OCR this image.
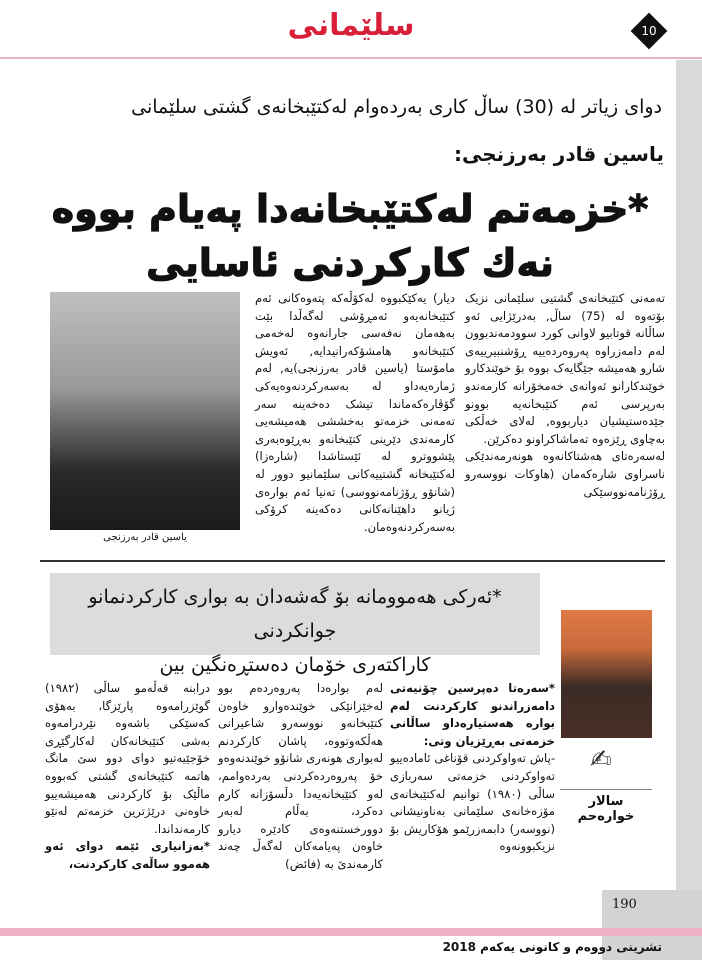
سلێمانی	10
دوای زیاتر له (30) ساڵ کاری بەردەوام لەکتێبخانەی گشتی سلێمانی
یاسین قادر بەرزنجی:
*خزمەتم لەکتێبخانەدا پەیام بووە
نەك كاركردنی ئاسایی
یاسین قادر بەرزنجی
تەمەنی کتێبخانەی گشتیی سلێمانی نزیک بۆتەوە لە (75) ساڵ, بەدرێژایی ئەو ساڵانە قوتابیو لاوانی کورد سوودمەندبوون لەم دامەزراوە پەروەردەییە ڕۆشنبیرییەی شارو هەمیشە جێگایەک بووە بۆ خوێندکارو خوێندکارانو ئەوانەی خەمخۆرانە کارمەندو بەرپرسی ئەم کتێبخانەیە بوونو جێدەستیشیان دیاربووە, لەلای خەڵکی بەچاوی ڕێزەوە تەماشاکراونو دەکرێن.
لەسەرەتای هەشتاکانەوە هونەرمەندێکی ناسراوی شارەکەمان (هاوکات نووسەرو ڕۆژنامەنووسێکی
دیار) یەکێکبووە لەکۆڵەکە پتەوەکانی ئەم کتێبخانەیەو ئەمڕۆشی لەگەڵدا بێت بەهەمان نەفەسی جارانەوە لەخەمی کتێبخانەو هامشۆکەرانیدایە, ئەویش مامۆستا (یاسین قادر بەرزنجی)یە, لەم ژمارەیەداو لە بەسەرکردنەوەیەکی گۆڤارەکەماندا تیشک دەخەینە سەر تەمەنی خزمەتو بەخششی هەمیشەیی کارمەندی دێرینی کتێبخانەو بەڕێوەبەری پێشووترو لە ئێستاشدا (شارەزا) لەکتێبخانە گشتییەکانی سلێمانیو دوور لە (شانۆو ڕۆژنامەنووسی) تەنیا ئەم بوارەی ژیانو داهێنانەکانی دەکەینە کرۆکی بەسەرکردنەوەمان.
*ئەرکی هەموومانە بۆ گەشەدان بە بواری کارکردنمانو جوانکردنی
کاراکتەری خۆمان دەستڕەنگین بین
✍
سالار خوارەحم
*سەرەتا دەپرسین چۆنیەتی دامەزراندنو کارکردنت لەم بوارە هەستیارەداو ساڵانی خزمەتی بەڕێزیان وتی:
-پاش تەواوکردنی قۆناغی ئامادەییو تەواوکردنی خزمەتی سەربازی ساڵی (١٩٨٠) توانیم لەکتێبخانەی مۆزەخانەی سلێمانی بەناونیشانی (نووسەر) دابمەزرێمو هۆکاریش بۆ نزیکبوونەوە
لەم بوارەدا پەروەردەم بوو لەخێزانێکی خوێندەوارو خاوەن کتێبخانەو نووسەرو شاعیرانی هەڵکەوتووە، پاشان کارکردنم لەبواری هونەری شانۆو خوێندنەوەو خۆ پەروەردەکردنی بەردەوامم، لەو کتێبخانەیەدا دڵسۆزانە کارم دەکرد، بەڵام لەبەر دوورخستنەوەی کادێرە دیارو خاوەن پەیامەکان لەگەڵ چەند کارمەندێ بە (فائض)
درابنە قەڵەمو ساڵی (١٩٨٢) گوێزرامەوە پارێزگا، بەهۆی کەسێکی باشەوە نێردرامەوە بەشی کتێبخانەکان لەکارگێڕی خۆجێیەتیو دوای دوو سێ مانگ هاتمە کتێبخانەی گشتی کەبووە ماڵێک بۆ کارکردنی هەمیشەییو خاوەنی درێژترین خزمەتم لەنێو کارمەنداندا.
*بەزانیاری ئێمە دوای ئەو هەموو ساڵەی کارکردنت،
190
تشرینی دووەم و کانونی یەکەم 2018
